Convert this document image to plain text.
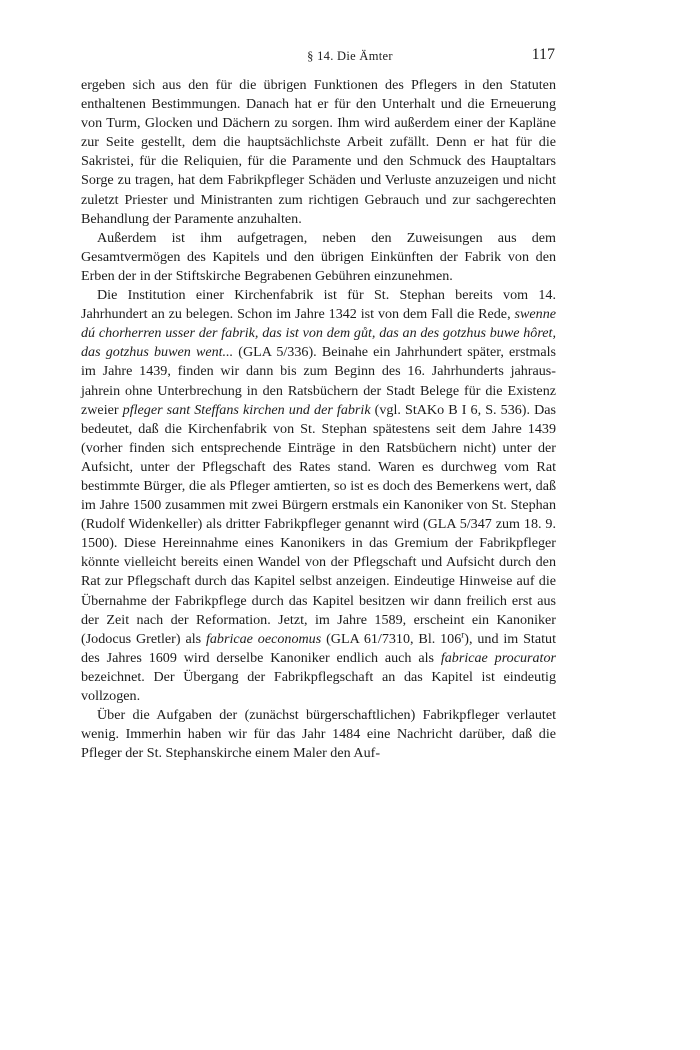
§ 14. Die Ämter	117

ergeben sich aus den für die übrigen Funktionen des Pflegers in den Statuten enthaltenen Bestimmungen. Danach hat er für den Unterhalt und die Erneuerung von Turm, Glocken und Dächern zu sorgen. Ihm wird außerdem einer der Kapläne zur Seite gestellt, dem die hauptsächlichste Arbeit zufällt. Denn er hat für die Sakristei, für die Reliquien, für die Paramente und den Schmuck des Hauptaltars Sorge zu tragen, hat dem Fabrikpfleger Schäden und Verluste anzuzeigen und nicht zuletzt Priester und Ministranten zum richtigen Gebrauch und zur sachgerechten Behandlung der Paramente anzuhalten.

Außerdem ist ihm aufgetragen, neben den Zuweisungen aus dem Gesamtvermögen des Kapitels und den übrigen Einkünften der Fabrik von den Erben der in der Stiftskirche Begrabenen Gebühren einzunehmen.

Die Institution einer Kirchenfabrik ist für St. Stephan bereits vom 14. Jahrhundert an zu belegen. Schon im Jahre 1342 ist von dem Fall die Rede, swenne dú chorherren usser der fabrik, das ist von dem gůt, das an des gotzhus buwe hôret, das gotzhus buwen went... (GLA 5/336). Beinahe ein Jahrhundert später, erstmals im Jahre 1439, finden wir dann bis zum Beginn des 16. Jahrhunderts jahraus-jahrein ohne Unterbrechung in den Ratsbüchern der Stadt Belege für die Existenz zweier pfleger sant Steffans kirchen und der fabrik (vgl. StAKo B I 6, S. 536). Das bedeutet, daß die Kirchenfabrik von St. Stephan spätestens seit dem Jahre 1439 (vorher finden sich entsprechende Einträge in den Ratsbüchern nicht) unter der Aufsicht, unter der Pflegschaft des Rates stand. Waren es durchweg vom Rat bestimmte Bürger, die als Pfleger amtierten, so ist es doch des Bemerkens wert, daß im Jahre 1500 zusammen mit zwei Bürgern erstmals ein Kanoniker von St. Stephan (Rudolf Widenkeller) als dritter Fabrikpfleger genannt wird (GLA 5/347 zum 18. 9. 1500). Diese Hereinnahme eines Kanonikers in das Gremium der Fabrikpfleger könnte vielleicht bereits einen Wandel von der Pflegschaft und Aufsicht durch den Rat zur Pflegschaft durch das Kapitel selbst anzeigen. Eindeutige Hinweise auf die Übernahme der Fabrikpflege durch das Kapitel besitzen wir dann freilich erst aus der Zeit nach der Reformation. Jetzt, im Jahre 1589, erscheint ein Kanoniker (Jodocus Gretler) als fabricae oeconomus (GLA 61/7310, Bl. 106$^r$), und im Statut des Jahres 1609 wird derselbe Kanoniker endlich auch als fabricae procurator bezeichnet. Der Übergang der Fabrikpflegschaft an das Kapitel ist eindeutig vollzogen.

Über die Aufgaben der (zunächst bürgerschaftlichen) Fabrikpfleger verlautet wenig. Immerhin haben wir für das Jahr 1484 eine Nachricht darüber, daß die Pfleger der St. Stephanskirche einem Maler den Auf-
